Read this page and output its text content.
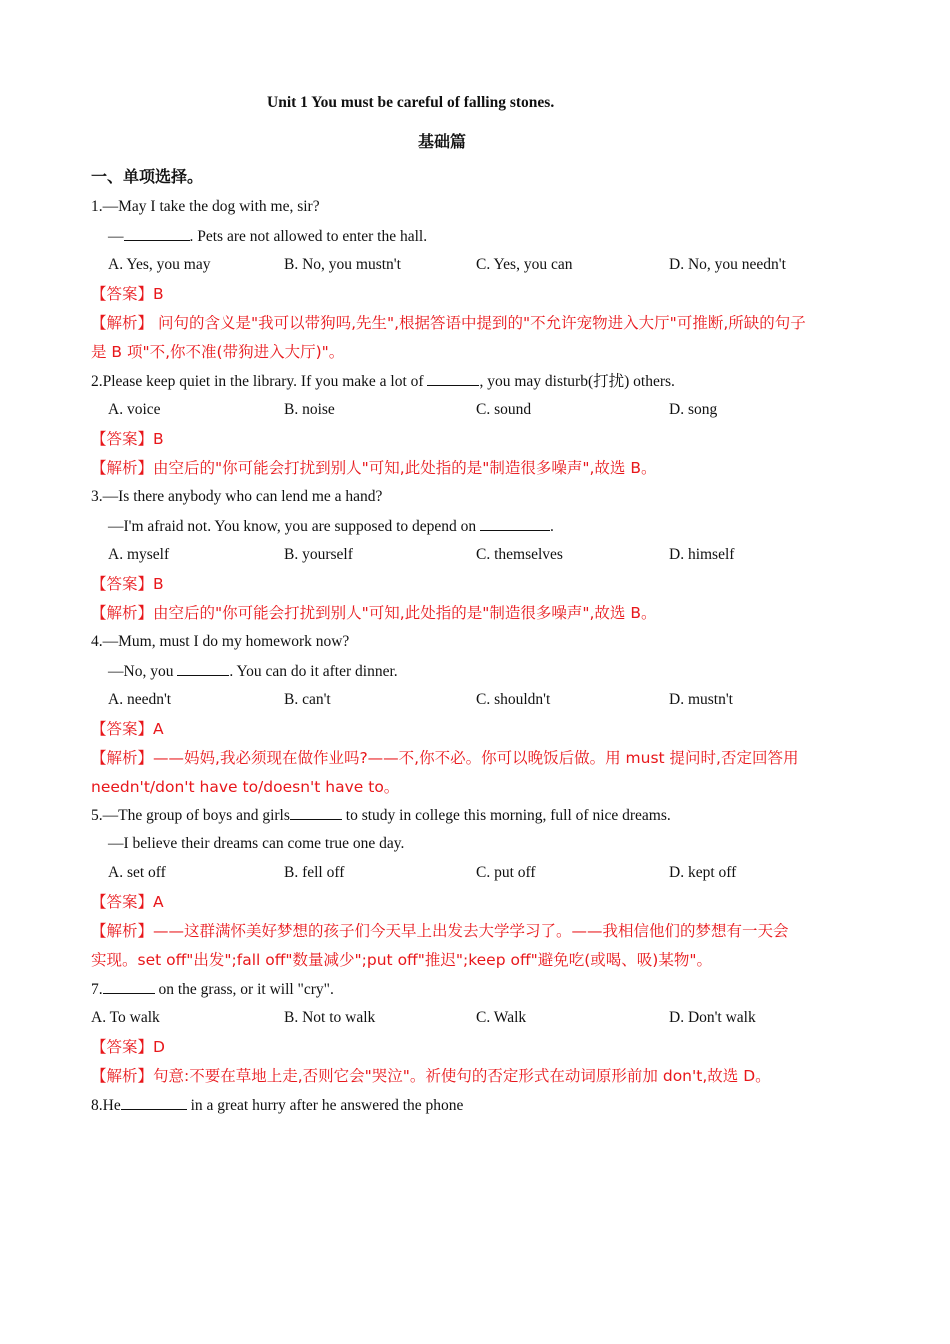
Unit 1 You must be careful of falling stones.
基础篇
一、单项选择。
1.—May I take the dog with me, sir?
—	. Pets are not allowed to enter the hall.
A. Yes, you may	B. No, you mustn't	C. Yes, you can	D. No, you needn't
【答案】B
【解析】 问句的含义是"我可以带狗吗,先生",根据答语中提到的"不允许宠物进入大厅"可推断,所缺的句子
是 B 项"不,你不准(带狗进入大厅)"。
2.Please keep quiet in the library. If you make a lot of	, you may disturb(打扰) others.
A. voice	B. noise	C. sound	D. song
【答案】B
【解析】由空后的"你可能会打扰到别人"可知,此处指的是"制造很多噪声",故选 B。
3.—Is there anybody who can lend me a hand?
—I'm afraid not. You know, you are supposed to depend on	.
A. myself	B. yourself	C. themselves	D. himself
【答案】B
【解析】由空后的"你可能会打扰到别人"可知,此处指的是"制造很多噪声",故选 B。
4.—Mum, must I do my homework now?
—No, you	. You can do it after dinner.
A. needn't	B. can't	C. shouldn't	D. mustn't
【答案】A
【解析】——妈妈,我必须现在做作业吗?——不,你不必。你可以晚饭后做。用 must 提问时,否定回答用
needn't/don't have to/doesn't have to。
5.—The group of boys and girls	to study in college this morning, full of nice dreams.
—I believe their dreams can come true one day.
A. set off	B. fell off	C. put off	D. kept off
【答案】A
【解析】——这群满怀美好梦想的孩子们今天早上出发去大学学习了。——我相信他们的梦想有一天会
实现。set off"出发";fall off"数量减少";put off"推迟";keep off"避免吃(或喝、吸)某物"。
7.	on the grass, or it will "cry".
A. To walk	B. Not to walk	C. Walk	D. Don't walk
【答案】D
【解析】句意:不要在草地上走,否则它会"哭泣"。祈使句的否定形式在动词原形前加 don't,故选 D。
8.He	in a great hurry after he answered the phone
